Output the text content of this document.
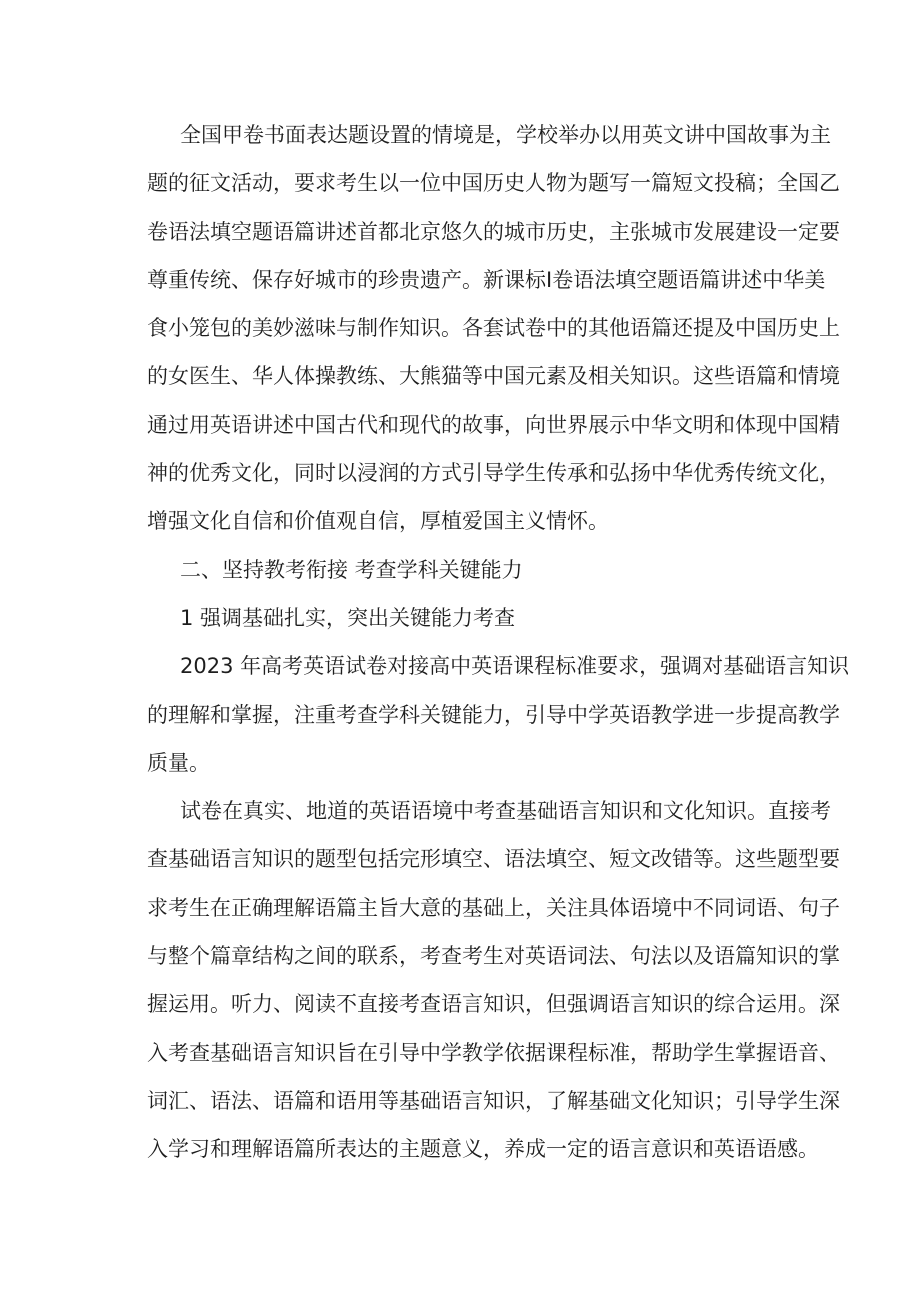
全国甲卷书面表达题设置的情境是，学校举办以用英文讲中国故事为主
题的征文活动，要求考生以一位中国历史人物为题写一篇短文投稿；全国乙
卷语法填空题语篇讲述首都北京悠久的城市历史，主张城市发展建设一定要
尊重传统、保存好城市的珍贵遗产。新课标Ⅰ卷语法填空题语篇讲述中华美
食小笼包的美妙滋味与制作知识。各套试卷中的其他语篇还提及中国历史上
的女医生、华人体操教练、大熊猫等中国元素及相关知识。这些语篇和情境
通过用英语讲述中国古代和现代的故事，向世界展示中华文明和体现中国精
神的优秀文化，同时以浸润的方式引导学生传承和弘扬中华优秀传统文化，
增强文化自信和价值观自信，厚植爱国主义情怀。
二、坚持教考衔接 考查学科关键能力
1 强调基础扎实，突出关键能力考查
2023 年高考英语试卷对接高中英语课程标准要求，强调对基础语言知识
的理解和掌握，注重考查学科关键能力，引导中学英语教学进一步提高教学
质量。
试卷在真实、地道的英语语境中考查基础语言知识和文化知识。直接考
查基础语言知识的题型包括完形填空、语法填空、短文改错等。这些题型要
求考生在正确理解语篇主旨大意的基础上，关注具体语境中不同词语、句子
与整个篇章结构之间的联系，考查考生对英语词法、句法以及语篇知识的掌
握运用。听力、阅读不直接考查语言知识，但强调语言知识的综合运用。深
入考查基础语言知识旨在引导中学教学依据课程标准，帮助学生掌握语音、
词汇、语法、语篇和语用等基础语言知识，了解基础文化知识；引导学生深
入学习和理解语篇所表达的主题意义，养成一定的语言意识和英语语感。
